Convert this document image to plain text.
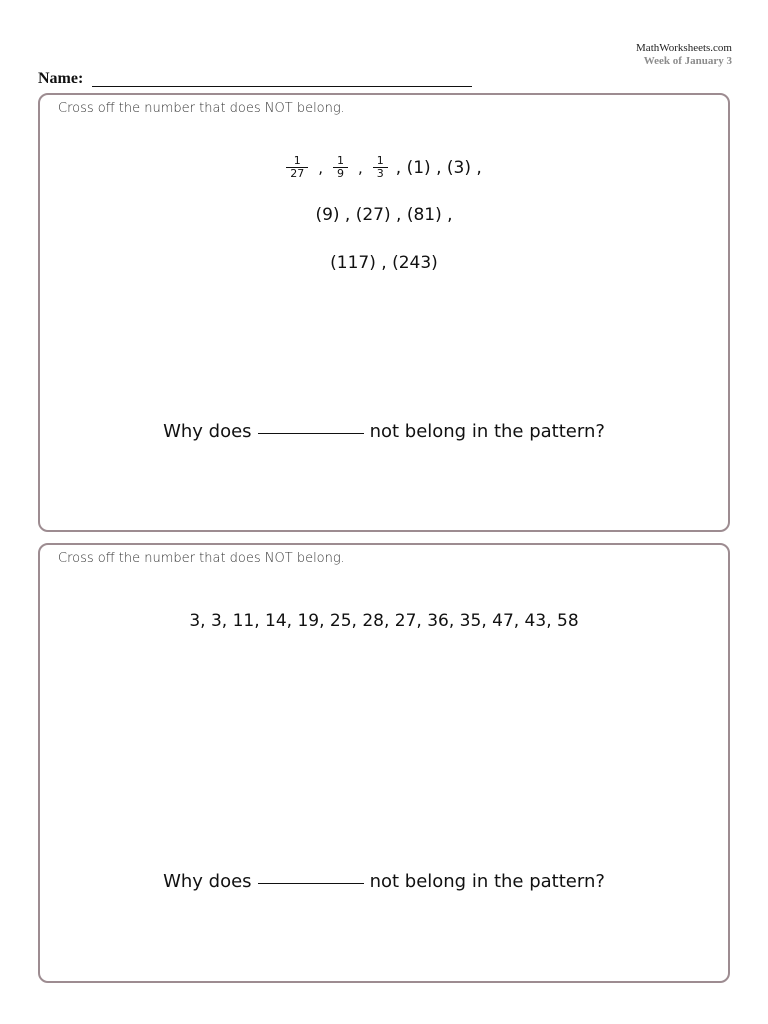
MathWorksheets.com
Week of January 3
Name:
Cross off the number that does NOT belong.
$\frac{1}{27}$ , $\frac{1}{9}$ , $\frac{1}{3}$ , (1) , (3) ,
(9) , (27) , (81) ,
(117) , (243)
Why does	not belong in the pattern?
Cross off the number that does NOT belong.
3, 3, 11, 14, 19, 25, 28, 27, 36, 35, 47, 43, 58
Why does	not belong in the pattern?
